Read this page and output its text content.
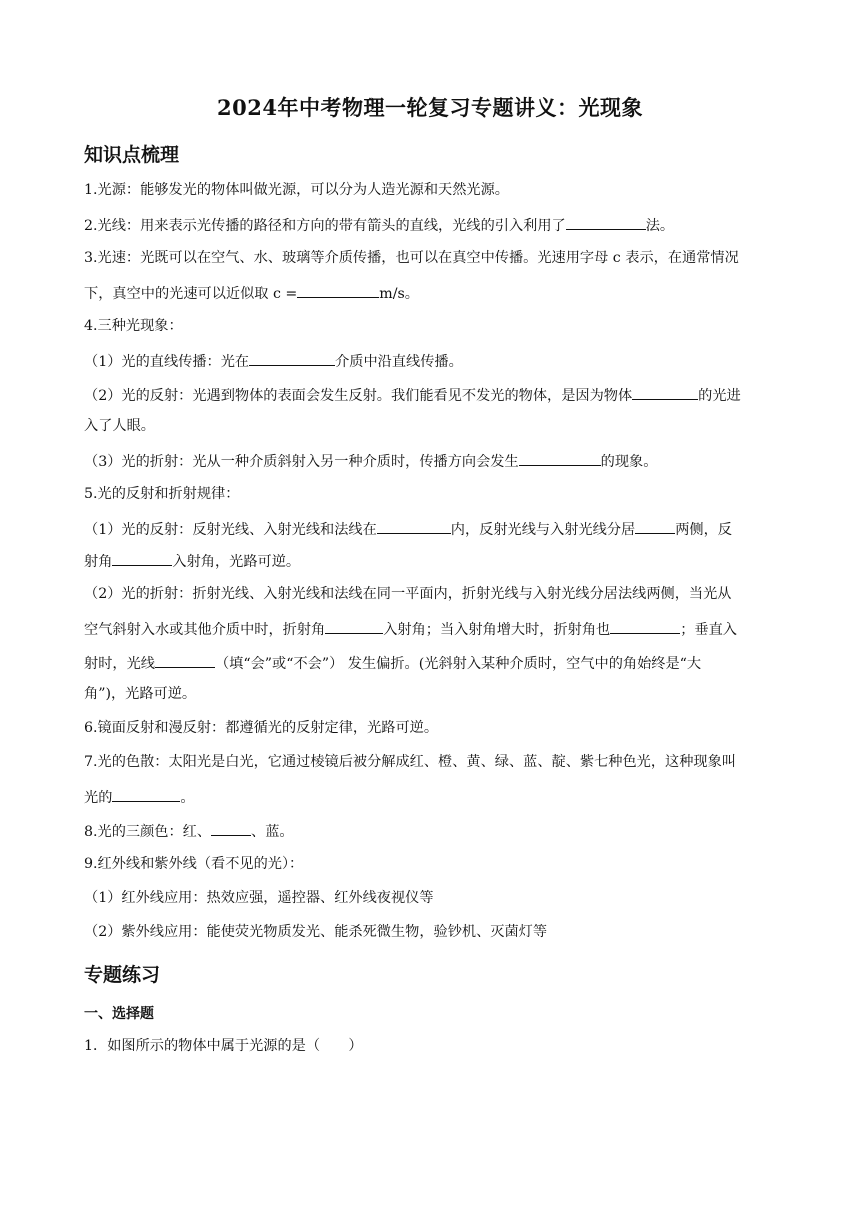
2024年中考物理一轮复习专题讲义：光现象
知识点梳理
1.光源：能够发光的物体叫做光源，可以分为人造光源和天然光源。
2.光线：用来表示光传播的路径和方向的带有箭头的直线，光线的引入利用了	法。
3.光速：光既可以在空气、水、玻璃等介质传播，也可以在真空中传播。光速用字母 c 表示，在通常情况
下，真空中的光速可以近似取 c =	m/s。
4.三种光现象：
（1）光的直线传播：光在	介质中沿直线传播。
（2）光的反射：光遇到物体的表面会发生反射。我们能看见不发光的物体，是因为物体	的光进
入了人眼。
（3）光的折射：光从一种介质斜射入另一种介质时，传播方向会发生	的现象。
5.光的反射和折射规律：
（1）光的反射：反射光线、入射光线和法线在	内，反射光线与入射光线分居	两侧，反
射角	入射角，光路可逆。
（2）光的折射：折射光线、入射光线和法线在同一平面内，折射光线与入射光线分居法线两侧，当光从
空气斜射入水或其他介质中时，折射角	入射角；当入射角增大时，折射角也	；垂直入
射时，光线	（填“会”或“不会”） 发生偏折。(光斜射入某种介质时，空气中的角始终是“大
角”)，光路可逆。
6.镜面反射和漫反射：都遵循光的反射定律，光路可逆。
7.光的色散：太阳光是白光，它通过棱镜后被分解成红、橙、黄、绿、蓝、靛、紫七种色光，这种现象叫
光的	。
8.光的三颜色：红、	、蓝。
9.红外线和紫外线（看不见的光）：
（1）红外线应用：热效应强，遥控器、红外线夜视仪等
（2）紫外线应用：能使荧光物质发光、能杀死微生物，验钞机、灭菌灯等
专题练习
一、选择题
1．如图所示的物体中属于光源的是（　　）
